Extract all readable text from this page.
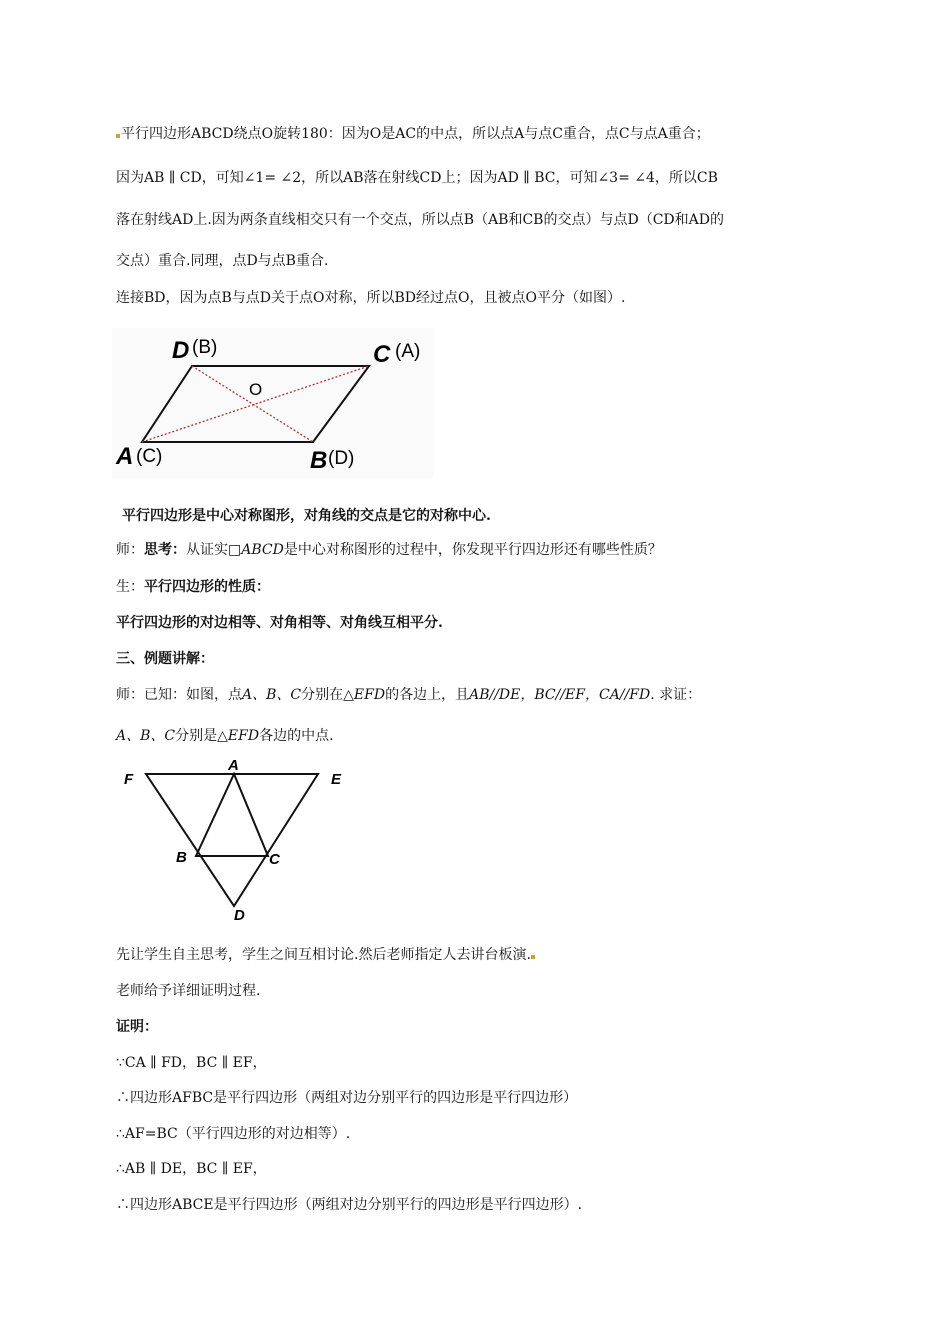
平行四边形ABCD绕点O旋转180：因为O是AC的中点，所以点A与点C重合，点C与点A重合；
因为AB ∥ CD，可知∠1= ∠2，所以AB落在射线CD上；因为AD ∥ BC，可知∠3= ∠4，所以CB
落在射线AD上.因为两条直线相交只有一个交点，所以点B（AB和CB的交点）与点D（CD和AD的
交点）重合.同理，点D与点B重合.
连接BD，因为点B与点D关于点O对称，所以BD经过点O，且被点O平分（如图）.
D (B)	C (A)
A (C)	B (D)
O
平行四边形是中心对称图形，对角线的交点是它的对称中心.
师：思考：从证实□ABCD是中心对称图形的过程中，你发现平行四边形还有哪些性质？
生：平行四边形的性质：
平行四边形的对边相等、对角相等、对角线互相平分.
三、例题讲解：
师：已知：如图，点A、B、C分别在△EFD的各边上，且AB//DE，BC//EF，CA//FD. 求证：
A、B、C分别是△EFD各边的中点.
F
A
E
B	C
D
先让学生自主思考，学生之间互相讨论.然后老师指定人去讲台板演.
老师给予详细证明过程.
证明：
∵CA ∥ FD，BC ∥ EF，
∴四边形AFBC是平行四边形（两组对边分别平行的四边形是平行四边形）
∴AF=BC（平行四边形的对边相等）.
∴AB ∥ DE，BC ∥ EF，
∴四边形ABCE是平行四边形（两组对边分别平行的四边形是平行四边形）.
